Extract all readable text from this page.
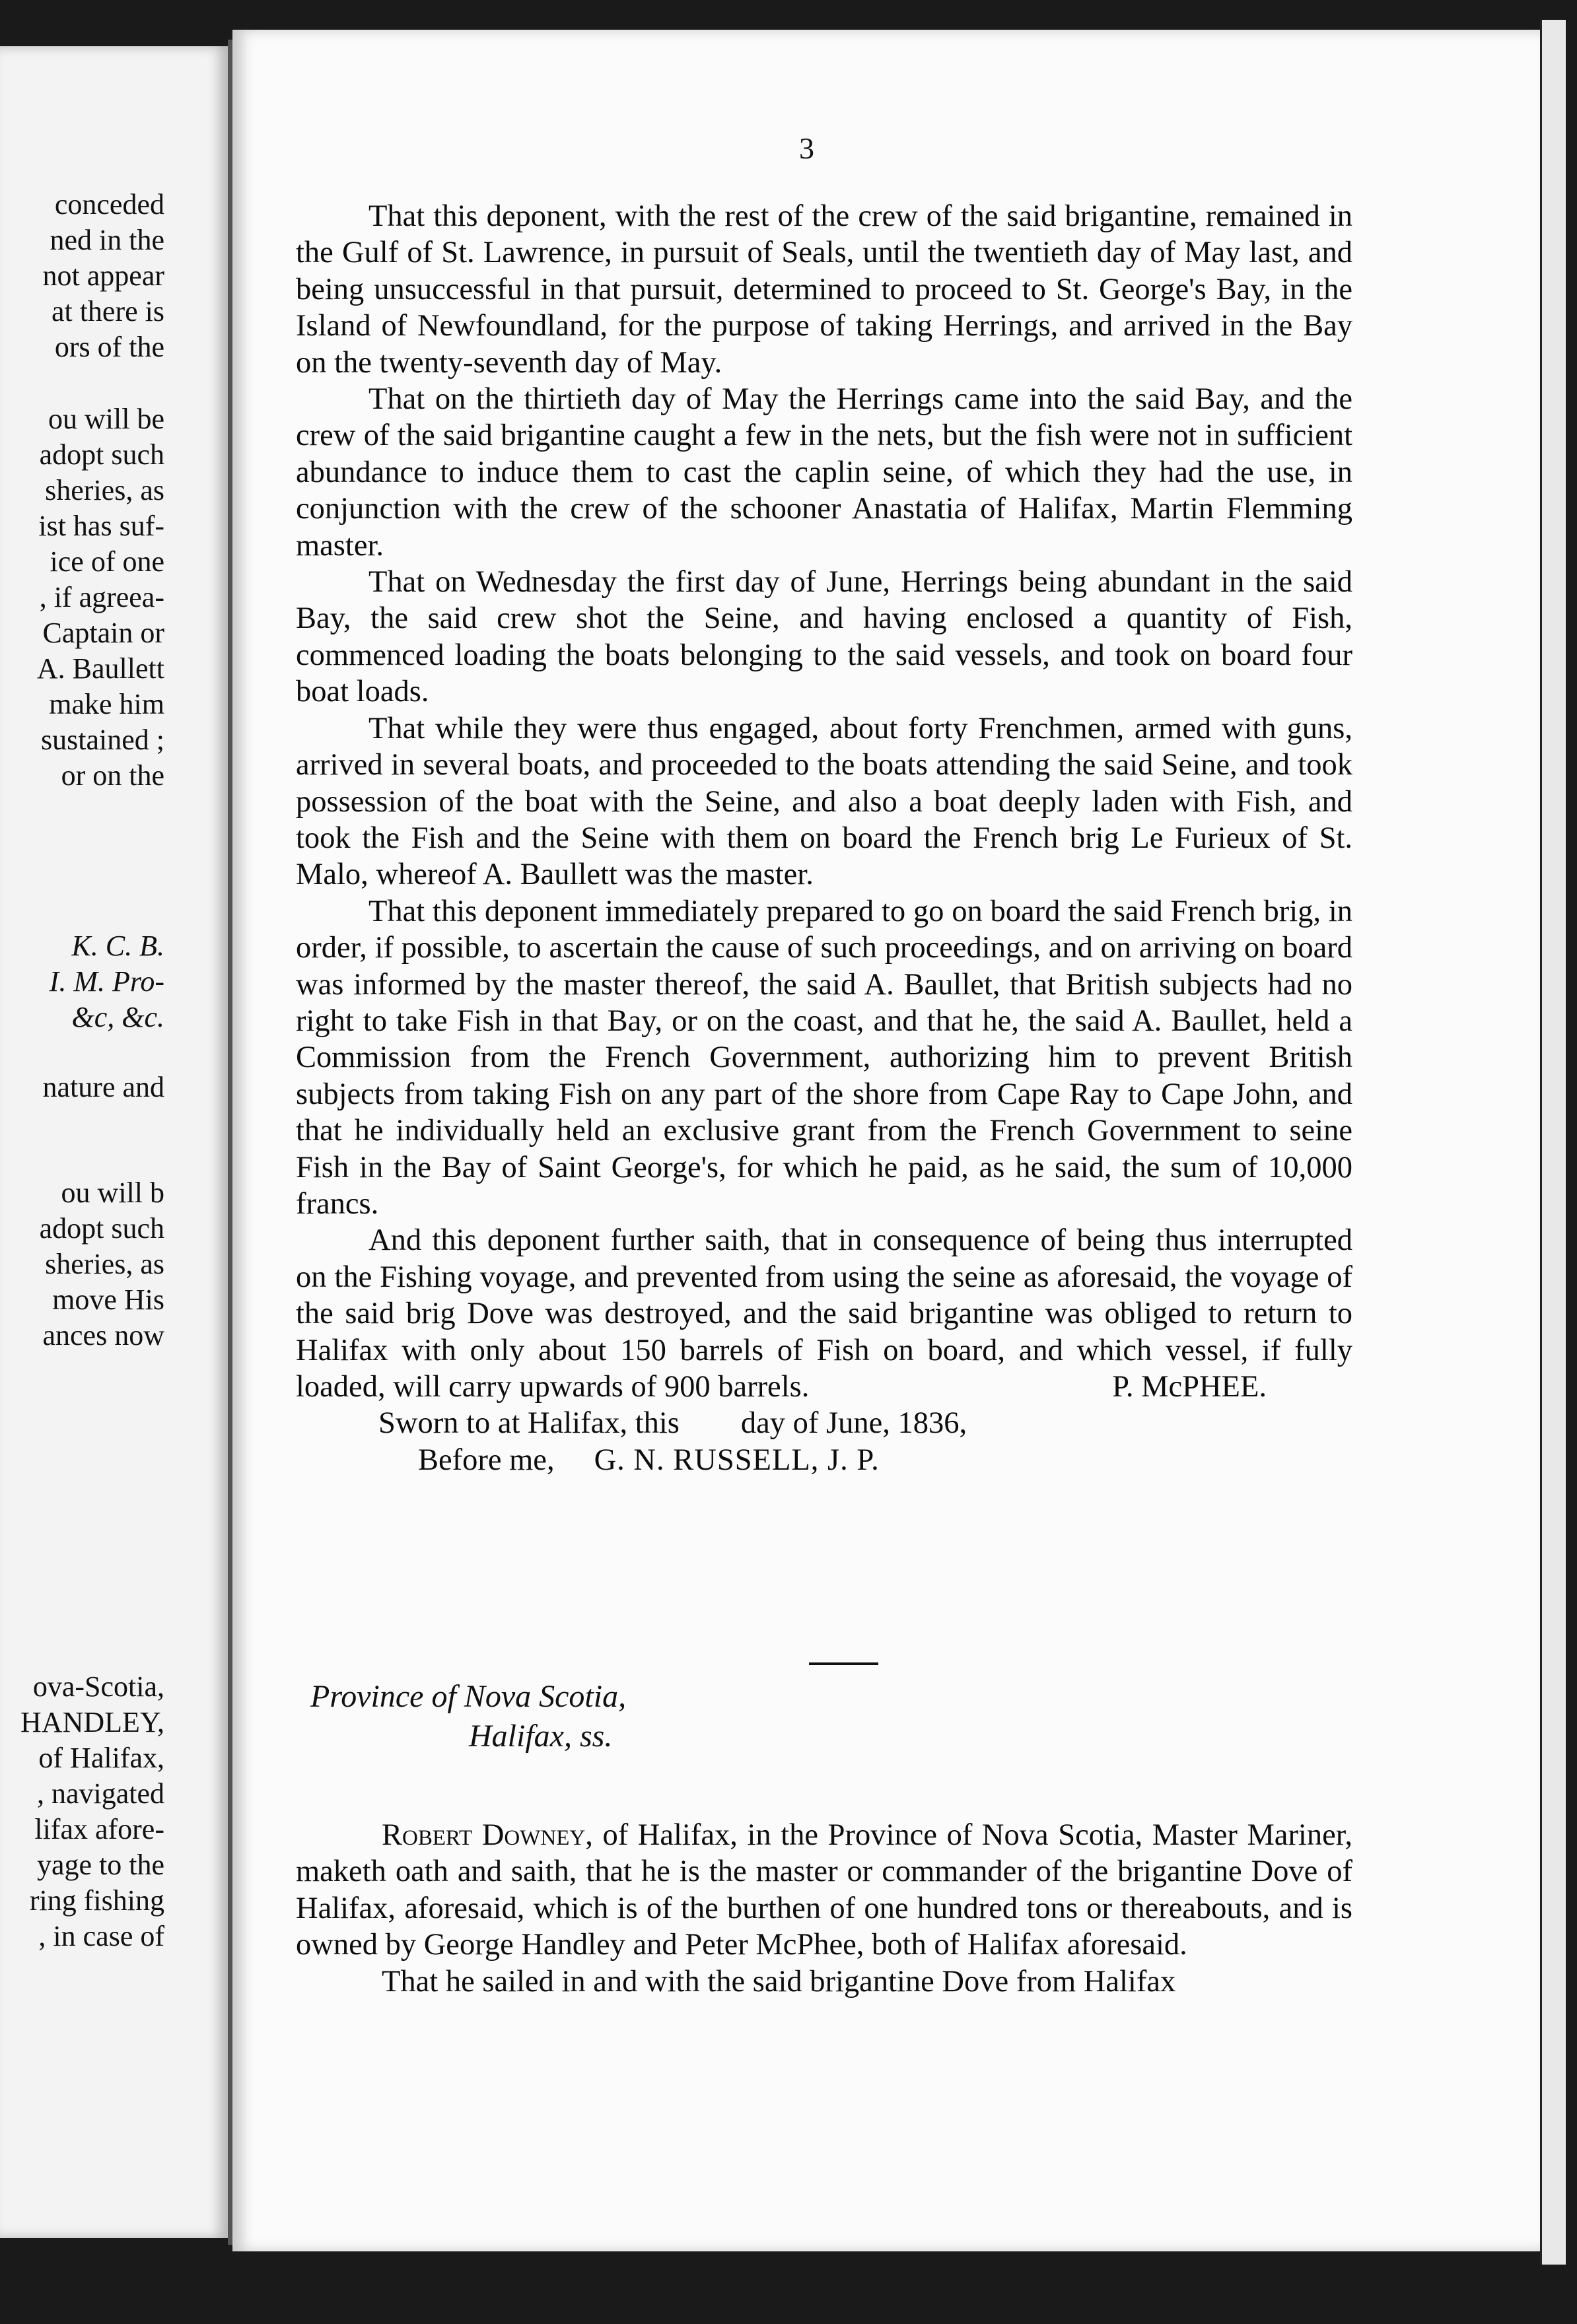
conceded
ned in the
not appear
at there is
ors of the
ou will be
adopt such
sheries, as
ist has suf-
ice of one
, if agreea-
Captain or
A. Baullett
make him
sustained ;
or on the
K. C. B.
I. M. Pro-
&c, &c.
nature and
ou will b
adopt such
sheries, as
move His
ances now
ova-Scotia,
HANDLEY,
of Halifax,
, navigated
lifax afore-
yage to the
ring fishing
, in case of
3

That this deponent, with the rest of the crew of the said brigantine, remained in the Gulf of St. Lawrence, in pursuit of Seals, until the twentieth day of May last, and being unsuccessful in that pursuit, determined to proceed to St. George's Bay, in the Island of Newfoundland, for the purpose of taking Herrings, and arrived in the Bay on the twenty-seventh day of May.

That on the thirtieth day of May the Herrings came into the said Bay, and the crew of the said brigantine caught a few in the nets, but the fish were not in sufficient abundance to induce them to cast the caplin seine, of which they had the use, in conjunction with the crew of the schooner Anastatia of Halifax, Martin Flemming master.

That on Wednesday the first day of June, Herrings being abundant in the said Bay, the said crew shot the Seine, and having enclosed a quantity of Fish, commenced loading the boats belonging to the said vessels, and took on board four boat loads.

That while they were thus engaged, about forty Frenchmen, armed with guns, arrived in several boats, and proceeded to the boats attending the said Seine, and took possession of the boat with the Seine, and also a boat deeply laden with Fish, and took the Fish and the Seine with them on board the French brig Le Furieux of St. Malo, whereof A. Baullett was the master.

That this deponent immediately prepared to go on board the said French brig, in order, if possible, to ascertain the cause of such proceedings, and on arriving on board was informed by the master thereof, the said A. Baullet, that British subjects had no right to take Fish in that Bay, or on the coast, and that he, the said A. Baullet, held a Commission from the French Government, authorizing him to prevent British subjects from taking Fish on any part of the shore from Cape Ray to Cape John, and that he individually held an exclusive grant from the French Government to seine Fish in the Bay of Saint George's, for which he paid, as he said, the sum of 10,000 francs.

And this deponent further saith, that in consequence of being thus interrupted on the Fishing voyage, and prevented from using the seine as aforesaid, the voyage of the said brig Dove was destroyed, and the said brigantine was obliged to return to Halifax with only about 150 barrels of Fish on board, and which vessel, if fully loaded, will carry upwards of 900 barrels.	P. McPHEE.

Sworn to at Halifax, this        day of June, 1836,

Before me, G. N. RUSSELL, J. P.

Province of Nova Scotia,
Halifax, ss.

Robert Downey, of Halifax, in the Province of Nova Scotia, Master Mariner, maketh oath and saith, that he is the master or commander of the brigantine Dove of Halifax, aforesaid, which is of the burthen of one hundred tons or thereabouts, and is owned by George Handley and Peter McPhee, both of Halifax aforesaid.

That he sailed in and with the said brigantine Dove from Halifax
